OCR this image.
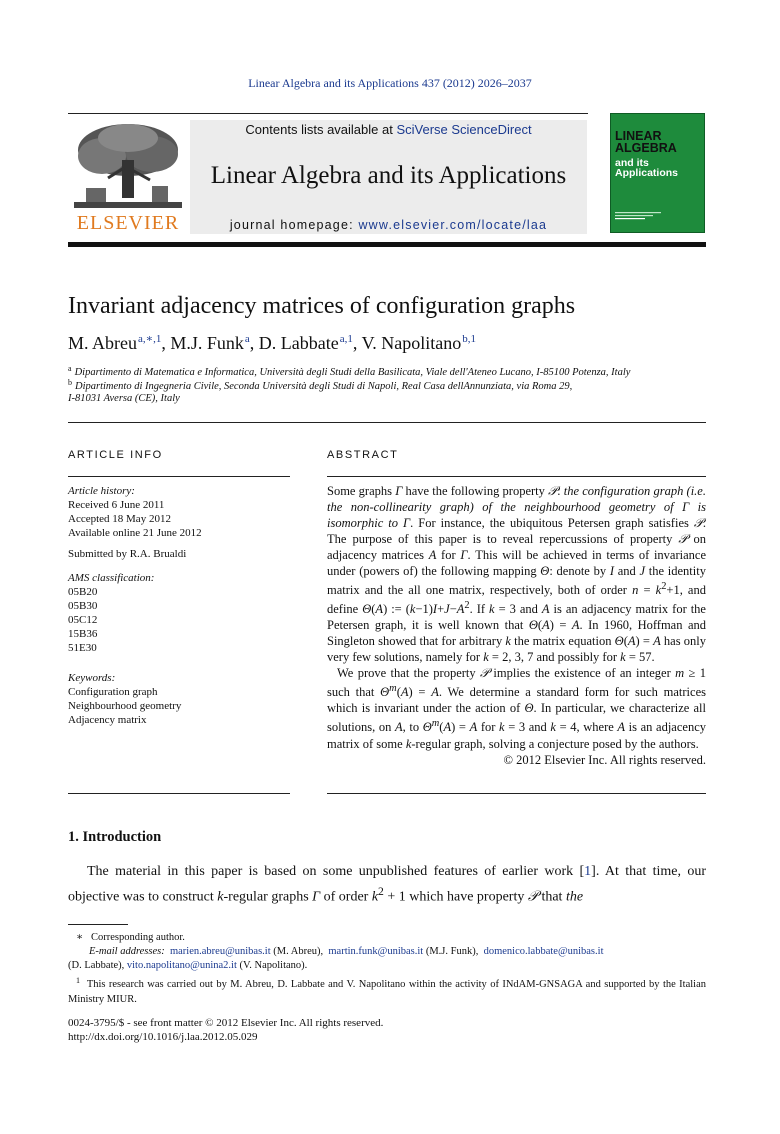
Linear Algebra and its Applications 437 (2012) 2026–2037
ELSEVIER
Contents lists available at SciVerse ScienceDirect
Linear Algebra and its Applications
journal homepage: www.elsevier.com/locate/laa
LINEAR
ALGEBRA
and its
Applications
Invariant adjacency matrices of configuration graphs
M. Abreu$^{a,∗,1}$, M.J. Funk$^a$, D. Labbate$^{a,1}$, V. Napolitano$^{b,1}$
$^a$ Dipartimento di Matematica e Informatica, Università degli Studi della Basilicata, Viale dell'Ateneo Lucano, I-85100 Potenza, Italy
$^b$ Dipartimento di Ingegneria Civile, Seconda Università degli Studi di Napoli, Real Casa dellAnnunziata, via Roma 29,
I-81031 Aversa (CE), Italy
ARTICLE INFO	ABSTRACT
Article history:
Received 6 June 2011
Accepted 18 May 2012
Available online 21 June 2012
Submitted by R.A. Brualdi
AMS classification:
05B20
05B30
05C12
15B36
51E30
Keywords:
Configuration graph
Neighbourhood geometry
Adjacency matrix

Some graphs Γ have the following property 𝒫: the configuration graph (i.e. the non-collinearity graph) of the neighbourhood geometry of Γ is isomorphic to Γ. For instance, the ubiquitous Petersen graph satisfies 𝒫. The purpose of this paper is to reveal repercussions of property 𝒫 on adjacency matrices A for Γ. This will be achieved in terms of invariance under (powers of) the following mapping Θ: denote by I and J the identity matrix and the all one matrix, respectively, both of order $n = k^2+1$, and define Θ(A) := $(k-1)I+J-A^2$. If k = 3 and A is an adjacency matrix for the Petersen graph, it is well known that Θ(A) = A. In 1960, Hoffman and Singleton showed that for arbitrary k the matrix equation Θ(A) = A has only very few solutions, namely for k = 2, 3, 7 and possibly for k = 57.

We prove that the property 𝒫 implies the existence of an integer m ≥ 1 such that $\Theta^m(A) = A$. We determine a standard form for such matrices which is invariant under the action of Θ. In particular, we characterize all solutions, on A, to $\Theta^m(A) = A$ for k = 3 and k = 4, where A is an adjacency matrix of some k-regular graph, solving a conjecture posed by the authors.

© 2012 Elsevier Inc. All rights reserved.
1. Introduction
The material in this paper is based on some unpublished features of earlier work [1]. At that time, our objective was to construct k-regular graphs Γ of order $k^2 + 1$ which have property 𝒫 that the
∗ Corresponding author.
E-mail addresses: marien.abreu@unibas.it (M. Abreu), martin.funk@unibas.it (M.J. Funk), domenico.labbate@unibas.it
(D. Labbate), vito.napolitano@unina2.it (V. Napolitano).
$^1$ This research was carried out by M. Abreu, D. Labbate and V. Napolitano within the activity of INdAM-GNSAGA and supported by the Italian Ministry MIUR.
0024-3795/$ - see front matter © 2012 Elsevier Inc. All rights reserved.
http://dx.doi.org/10.1016/j.laa.2012.05.029
